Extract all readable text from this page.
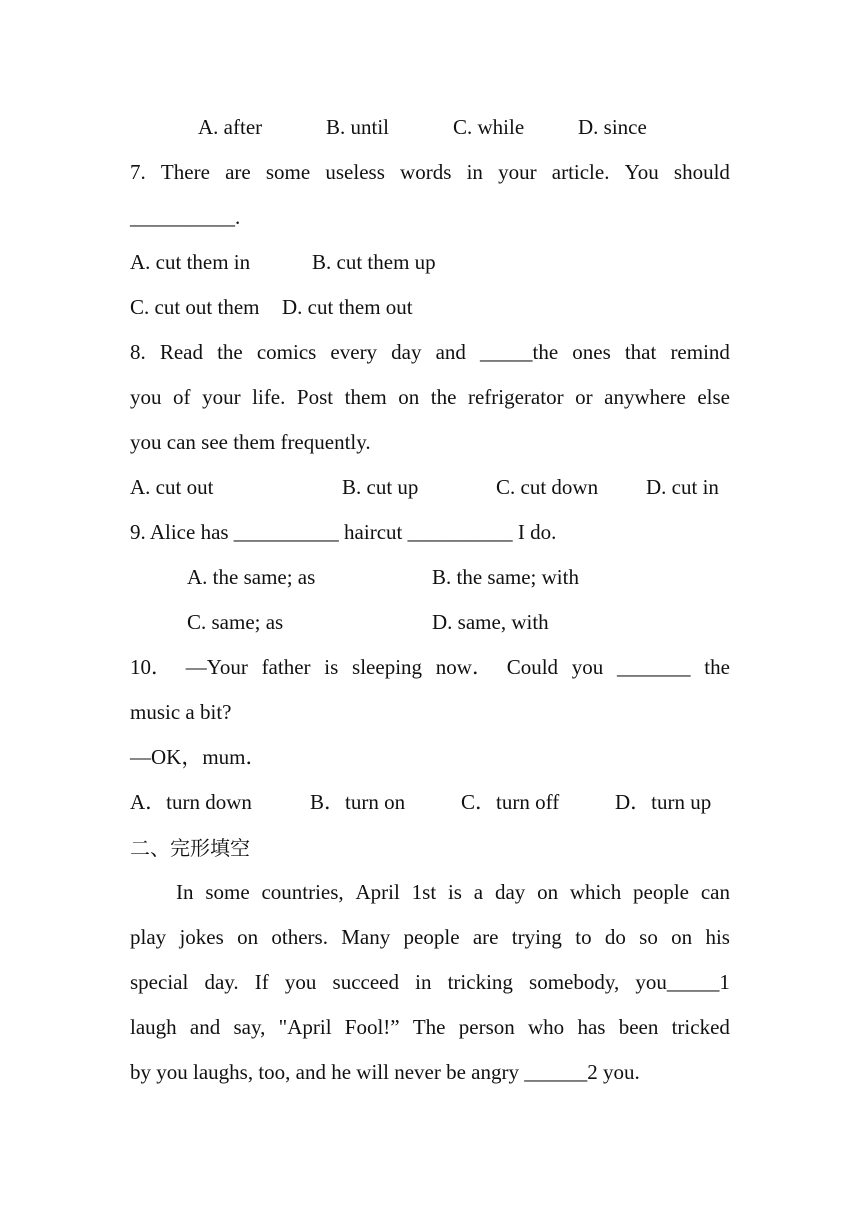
A. after	B. until	C. while	D. since
7. There are some useless words in your article. You should
__________.
A. cut them in	B. cut them up
C. cut out them D. cut them out
8. Read the comics every day and _____the ones that remind
you of your life. Post them on the refrigerator or anywhere else
you can see them frequently.
A. cut out	B. cut up	C. cut down D. cut in
9. Alice has __________ haircut __________ I do.
A. the same; as	B. the same; with
C. same; as	D. same, with
10． —Your father is sleeping now． Could you _______ the
music a bit?
—OK，mum．
A．turn down	B．turn on	C．turn off	D．turn up
二、完形填空
In some countries, April 1st is a day on which people can
play jokes on others. Many people are trying to do so on his
special day. If you succeed in tricking somebody, you_____1
laugh and say, "April Fool!” The person who has been tricked
by you laughs, too, and he will never be angry ______2 you.
